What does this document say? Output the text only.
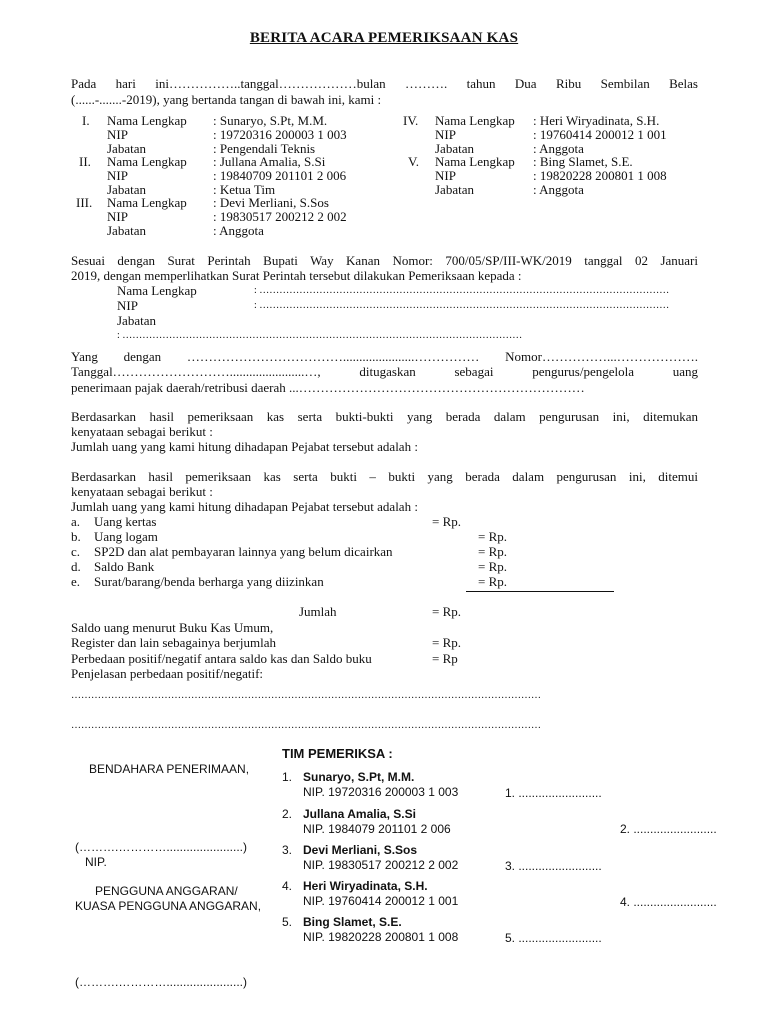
BERITA ACARA PEMERIKSAAN KAS
Pada hari ini……………..tanggal………………bulan ………. tahun Dua Ribu Sembilan Belas
(......-.......-2019), yang bertanda tangan di bawah ini, kami :
I. Nama Lengkap : Sunaryo, S.Pt, M.M.
NIP	: 19720316 200003 1 003
Jabatan	: Pengendali Teknis
II. Nama Lengkap : Jullana Amalia, S.Si
NIP	: 19840709 201101 2 006
Jabatan	: Ketua Tim
III. Nama Lengkap : Devi Merliani, S.Sos
NIP	: 19830517 200212 2 002
Jabatan	: Anggota
IV. Nama Lengkap : Heri Wiryadinata, S.H.
NIP	: 19760414 200012 1 001
Jabatan	: Anggota
V. Nama Lengkap : Bing Slamet, S.E.
NIP	: 19820228 200801 1 008
Jabatan	: Anggota
Sesuai dengan Surat Perintah Bupati Way Kanan Nomor: 700/05/SP/III-WK/2019 tanggal 02 Januari
2019, dengan memperlihatkan Surat Perintah tersebut dilakukan Pemeriksaan kepada :
Nama Lengkap	: ……………………………………………………………………………………………………………
NIP	: ……………………………………………………………………………………………………………
Jabatan
: …………………………………………………………………………………………………………
Yang dengan ………………………………......................…………… Nomor……………...……………….
Tanggal……………………….......................…, ditugaskan sebagai pengurus/pengelola uang
penerimaan pajak daerah/retribusi daerah ...…………………………………………………………
Berdasarkan hasil pemeriksaan kas serta bukti-bukti yang berada dalam pengurusan ini, ditemukan
kenyataan sebagai berikut :
Jumlah uang yang kami hitung dihadapan Pejabat tersebut adalah :
Berdasarkan hasil pemeriksaan kas serta bukti – bukti yang berada dalam pengurusan ini, ditemui
kenyataan sebagai berikut :
Jumlah uang yang kami hitung dihadapan Pejabat tersebut adalah :
a. Uang kertas	= Rp.
b. Uang logam	= Rp.
c. SP2D dan alat pembayaran lainnya yang belum dicairkan	= Rp.
d. Saldo Bank	= Rp.
e. Surat/barang/benda berharga yang diizinkan	= Rp.
Jumlah	= Rp.
Saldo uang menurut Buku Kas Umum,
Register dan lain sebagainya berjumlah	= Rp.
Perbedaan positif/negatif antara saldo kas dan Saldo buku	= Rp
Penjelasan perbedaan positif/negatif:
……………………………………………………………………………………………………………………………
……………………………………………………………………………………………………………………………
BENDAHARA PENERIMAAN,
(……….………….......................)
NIP.
PENGGUNA ANGGARAN/
KUASA PENGGUNA ANGGARAN,
(……….………….......................)
TIM PEMERIKSA :
1. Sunaryo, S.Pt, M.M.
NIP. 19720316 200003 1 003	1. .........................
2. Jullana Amalia, S.Si
NIP. 1984079 201101 2 006	2. .........................
3. Devi Merliani, S.Sos
NIP. 19830517 200212 2 002	3. .........................
4. Heri Wiryadinata, S.H.
NIP. 19760414 200012 1 001	4. .........................
5. Bing Slamet, S.E.
NIP. 19820228 200801 1 008	5. .........................
